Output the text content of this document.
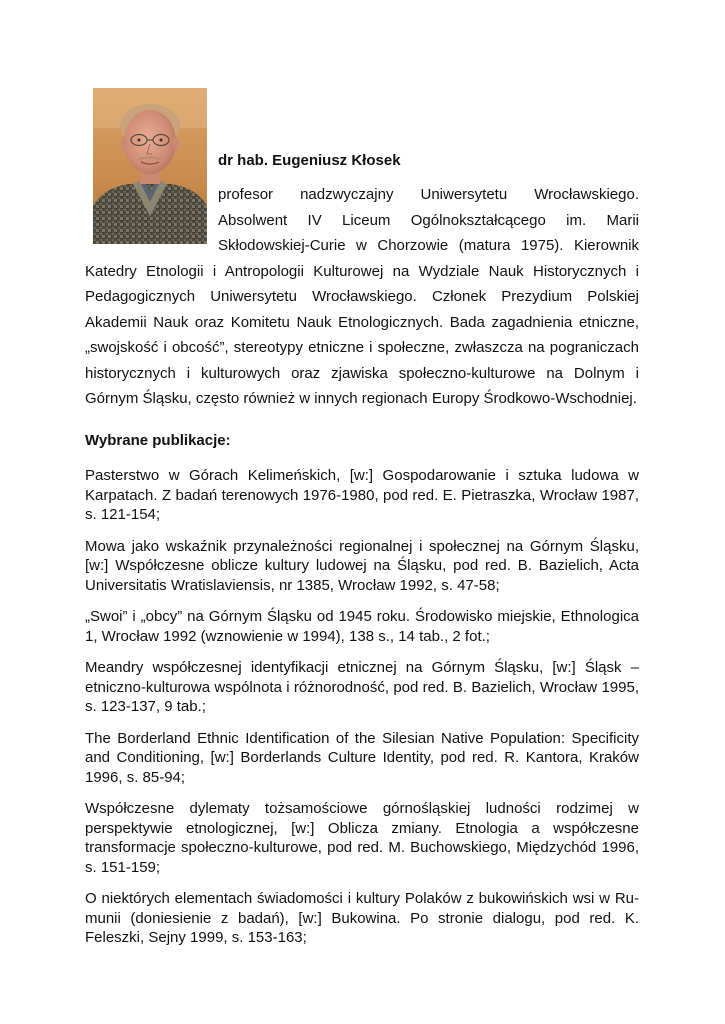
dr hab. Eugeniusz Kłosek

profesor nadzwyczajny Uniwersytetu Wrocławskiego. Absolwent IV Liceum Ogólnokształcącego im. Marii Skłodowskiej-Curie w Chorzowie (matura 1975). Kierownik Katedry Etnologii i Antropologii Kulturowej na Wydziale Nauk Historycznych i Pedagogicznych Uniwersytetu Wrocławskiego. Członek Prezydium Polskiej Akademii Nauk oraz Komitetu Nauk Etnologicznych. Bada zagadnienia etniczne, „swojskość i obcość”, stereotypy etniczne i społeczne, zwłaszcza na pograniczach historycznych i kulturowych oraz zjawiska społeczno-kulturowe na Dolnym i Górnym Śląsku, często również w innych regionach Europy Środkowo-Wschodniej.

Wybrane publikacje:

Pasterstwo w Górach Kelimeńskich, [w:] Gospodarowanie i sztuka ludowa w Karpatach. Z badań terenowych 1976-1980, pod red. E. Pietraszka, Wrocław 1987, s. 121-154;

Mowa jako wskaźnik przynależności regionalnej i społecznej na Górnym Śląsku, [w:] Współczesne oblicze kultury ludowej na Śląsku, pod red. B. Bazielich, Acta Universitatis Wratislaviensis, nr 1385, Wrocław 1992, s. 47-58;

„Swoi” i „obcy” na Górnym Śląsku od 1945 roku. Środowisko miejskie, Ethnologica 1, Wrocław 1992 (wznowienie w 1994), 138 s., 14 tab., 2 fot.;

Meandry współczesnej identyfikacji etnicznej na Górnym Śląsku, [w:] Śląsk – etniczno-kulturowa wspólnota i różnorodność, pod red. B. Bazielich, Wrocław 1995, s. 123-137, 9 tab.;

The Borderland Ethnic Identification of the Silesian Native Population: Specificity and Conditioning, [w:] Borderlands Culture Identity, pod red. R. Kantora, Kraków 1996, s. 85-94;

Współczesne dylematy tożsamościowe górnośląskiej ludności rodzimej w perspektywie etnologicznej, [w:] Oblicza zmiany. Etnologia a współczesne transformacje społeczno-kulturowe, pod red. M. Buchowskiego, Międzychód 1996, s. 151-159;

O niektórych elementach świadomości i kultury Polaków z bukowińskich wsi w Rumunii (doniesienie z badań), [w:] Bukowina. Po stronie dialogu, pod red. K. Feleszki, Sejny 1999, s. 153-163;
